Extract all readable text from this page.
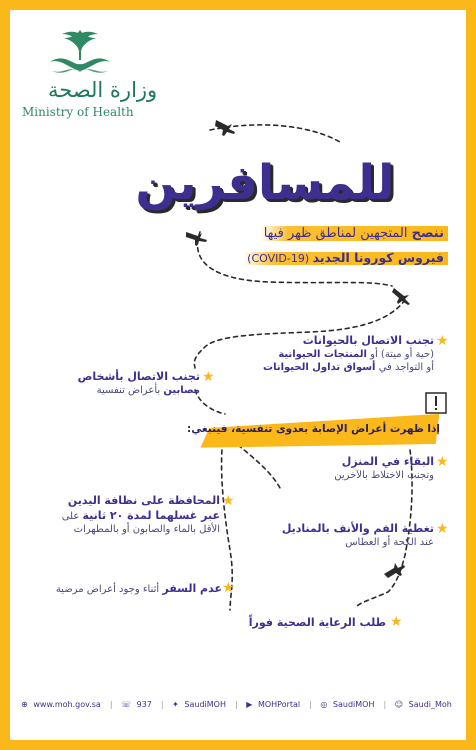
وزارة الصحة
Ministry of Health
للمسافرين
ننصح المتجهين لمناطق ظهر فيها
فيروس كورونا الجديد (COVID-19)
تجنب الاتصال بالحيوانات
(حية أو ميتة) أو المنتجات الحيوانية
أو التواجد في أسواق تداول الحيوانات
★
تجنب الاتصال بأشخاص
مصابين بأعراض تنفسية
★
إذا ظهرت أعراض الإصابة بعدوى تنفسية، فينبغي:
البقاء في المنزل
وتجنب الاختلاط بالآخرين
★
المحافظة على نظافة اليدين
عبر غسلهما لمدة ٢٠ ثانية على
الأقل بالماء والصابون أو بالمطهرات
★
تغطية الفم والأنف بالمناديل
عند الكحة أو العطاس
★
عدم السفر أثناء وجود أعراض مرضية	★
طلب الرعاية الصحية فوراً ★
⊕ www.moh.gov.sa | ☏ 937 | ✦ SaudiMOH | ▶ MOHPortal | ◎ SaudiMOH | ☺ Saudi_Moh
